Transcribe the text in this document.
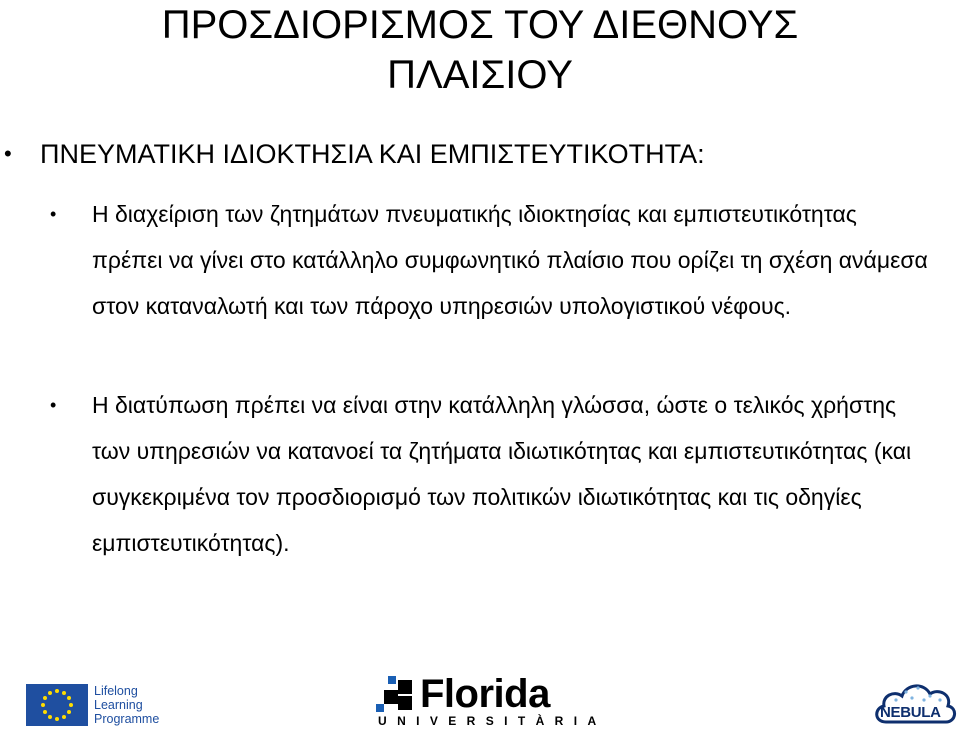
ΠΡΟΣΔΙΟΡΙΣΜΟΣ ΤΟΥ ΔΙΕΘΝΟΥΣ
ΠΛΑΙΣΙΟΥ
• ΠΝΕΥΜΑΤΙΚΗ ΙΔΙΟΚΤΗΣΙΑ ΚΑΙ ΕΜΠΙΣΤΕΥΤΙΚΟΤΗΤΑ:
• Η διαχείριση των ζητημάτων πνευματικής ιδιοκτησίας και εμπιστευτικότητας πρέπει να γίνει στο κατάλληλο συμφωνητικό πλαίσιο που ορίζει τη σχέση ανάμεσα στον καταναλωτή και των πάροχο υπηρεσιών υπολογιστικού νέφους.
• Η διατύπωση πρέπει να είναι στην κατάλληλη γλώσσα, ώστε ο τελικός χρήστης των υπηρεσιών να κατανοεί τα ζητήματα ιδιωτικότητας και εμπιστευτικότητας (και συγκεκριμένα τον προσδιορισμό των πολιτικών ιδιωτικότητας και τις οδηγίες εμπιστευτικότητας).
Lifelong
Learning
Programme
Florida
UNIVERSITÀRIA	NEBULA
